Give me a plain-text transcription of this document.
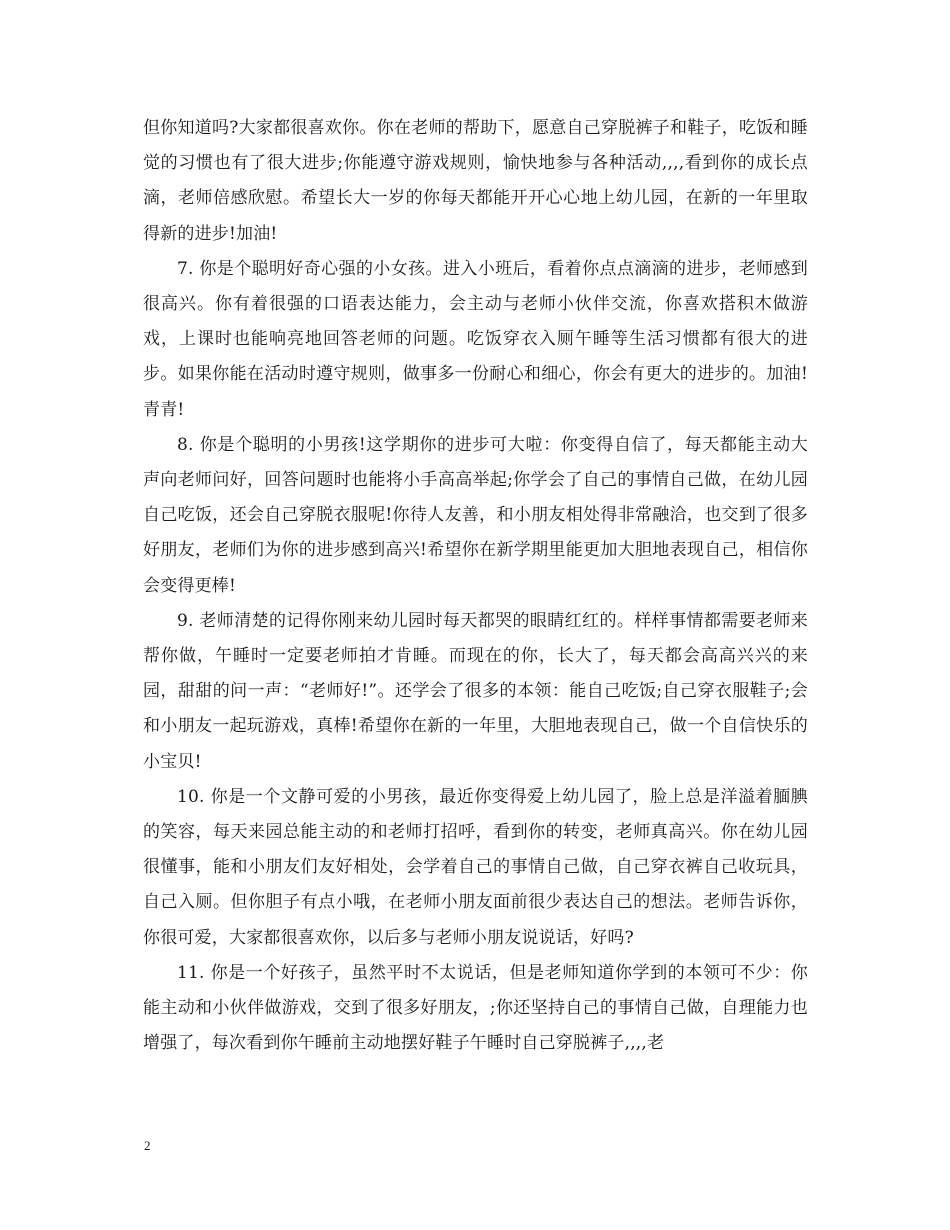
但你知道吗?大家都很喜欢你。你在老师的帮助下，愿意自己穿脱裤子和鞋子，吃饭和睡觉的习惯也有了很大进步;你能遵守游戏规则，愉快地参与各种活动,,,,看到你的成长点滴，老师倍感欣慰。希望长大一岁的你每天都能开开心心地上幼儿园，在新的一年里取得新的进步!加油!

7. 你是个聪明好奇心强的小女孩。进入小班后，看着你点点滴滴的进步，老师感到很高兴。你有着很强的口语表达能力，会主动与老师小伙伴交流，你喜欢搭积木做游戏，上课时也能响亮地回答老师的问题。吃饭穿衣入厕午睡等生活习惯都有很大的进步。如果你能在活动时遵守规则，做事多一份耐心和细心，你会有更大的进步的。加油!青青!

8. 你是个聪明的小男孩!这学期你的进步可大啦：你变得自信了，每天都能主动大声向老师问好，回答问题时也能将小手高高举起;你学会了自己的事情自己做，在幼儿园自己吃饭，还会自己穿脱衣服呢!你待人友善，和小朋友相处得非常融洽，也交到了很多好朋友，老师们为你的进步感到高兴!希望你在新学期里能更加大胆地表现自己，相信你会变得更棒!

9. 老师清楚的记得你刚来幼儿园时每天都哭的眼睛红红的。样样事情都需要老师来帮你做，午睡时一定要老师拍才肯睡。而现在的你，长大了，每天都会高高兴兴的来园，甜甜的问一声：“老师好!”。还学会了很多的本领：能自己吃饭;自己穿衣服鞋子;会和小朋友一起玩游戏，真棒!希望你在新的一年里，大胆地表现自己，做一个自信快乐的小宝贝!

10. 你是一个文静可爱的小男孩，最近你变得爱上幼儿园了，脸上总是洋溢着腼腆的笑容，每天来园总能主动的和老师打招呼，看到你的转变，老师真高兴。你在幼儿园很懂事，能和小朋友们友好相处，会学着自己的事情自己做，自己穿衣裤自己收玩具，自己入厕。但你胆子有点小哦，在老师小朋友面前很少表达自己的想法。老师告诉你，你很可爱，大家都很喜欢你，以后多与老师小朋友说说话，好吗?

11. 你是一个好孩子，虽然平时不太说话，但是老师知道你学到的本领可不少：你能主动和小伙伴做游戏，交到了很多好朋友，;你还坚持自己的事情自己做，自理能力也增强了，每次看到你午睡前主动地摆好鞋子午睡时自己穿脱裤子,,,,老

2
